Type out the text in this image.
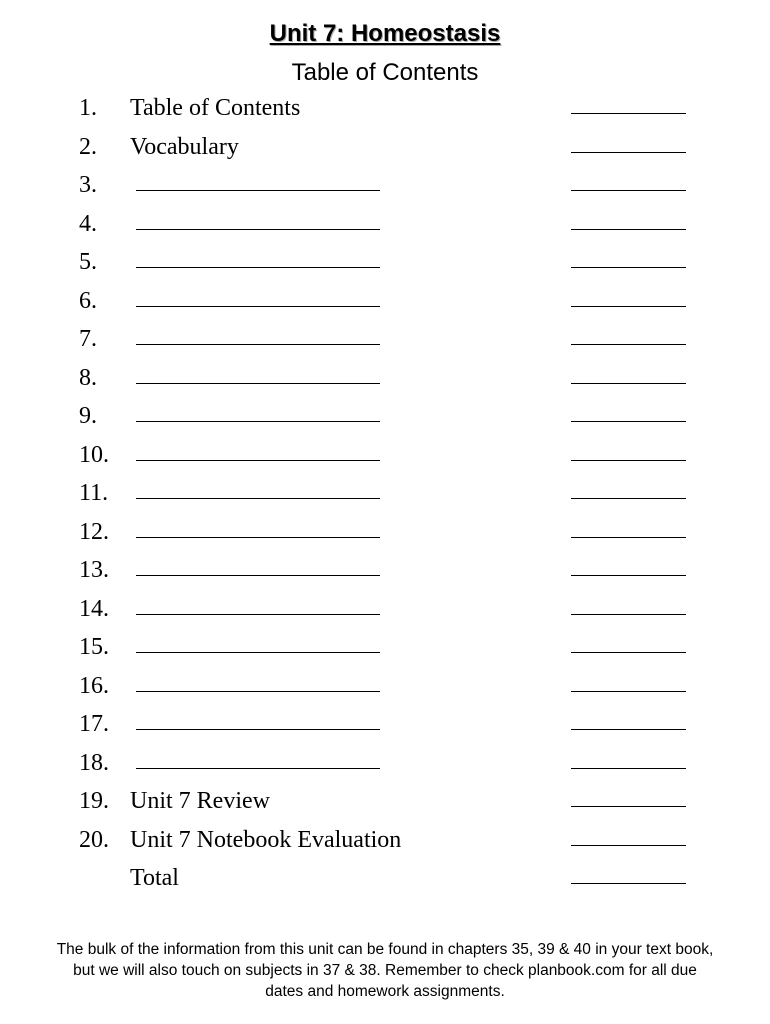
Unit 7: Homeostasis
Table of Contents
1. Table of Contents
2. Vocabulary
3.
4.
5.
6.
7.
8.
9.
10.
11.
12.
13.
14.
15.
16.
17.
18.
19. Unit 7 Review
20. Unit 7 Notebook Evaluation
Total
The bulk of the information from this unit can be found in chapters 35, 39 & 40 in your text book, but we will also touch on subjects in 37 & 38. Remember to check planbook.com for all due dates and homework assignments.
